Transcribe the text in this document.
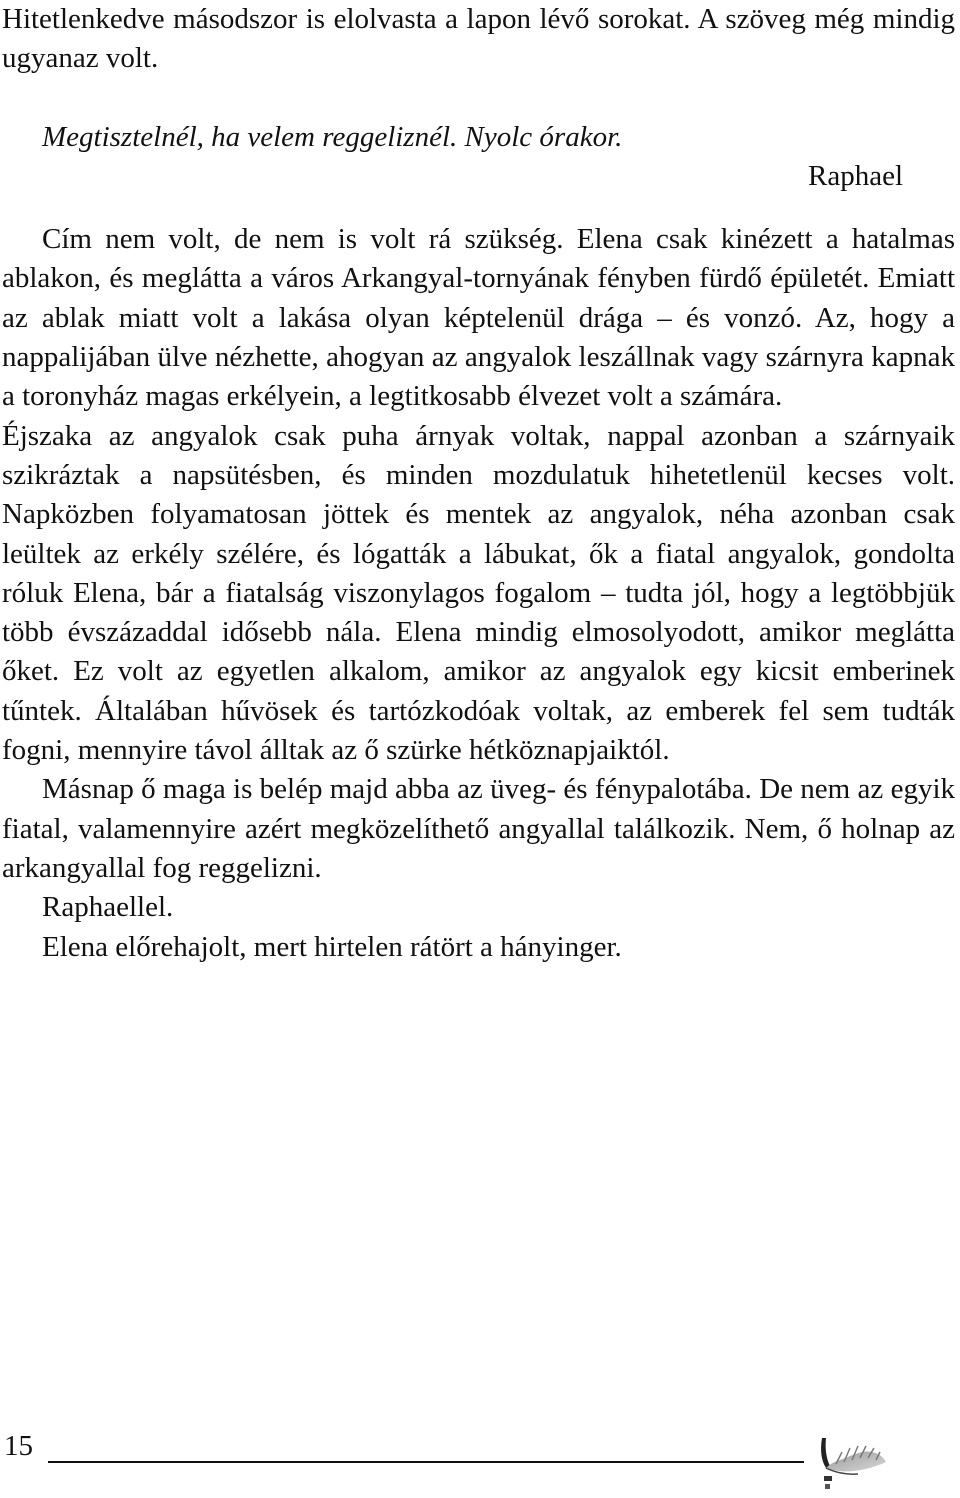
Hitetlenkedve másodszor is elolvasta a lapon lévő sorokat. A szöveg még mindig ugyanaz volt.

Megtisztelnél, ha velem reggeliznél. Nyolc órakor.

Raphael

Cím nem volt, de nem is volt rá szükség. Elena csak kinézett a hatalmas ablakon, és meglátta a város Arkangyal-tornyának fényben fürdő épületét. Emiatt az ablak miatt volt a lakása olyan képtelenül drága – és vonzó. Az, hogy a nappalijában ülve nézhette, ahogyan az angyalok leszállnak vagy szárnyra kapnak a toronyház magas erkélyein, a legtitkosabb élvezet volt a számára.

Éjszaka az angyalok csak puha árnyak voltak, nappal azonban a szárnyaik szikráztak a napsütésben, és minden mozdulatuk hihetetlenül kecses volt. Napközben folyamatosan jöttek és mentek az angyalok, néha azonban csak leültek az erkély szélére, és lógatták a lábukat, ők a fiatal angyalok, gondolta róluk Elena, bár a fiatalság viszonylagos fogalom – tudta jól, hogy a legtöbbjük több évszázaddal idősebb nála. Elena mindig elmosolyodott, amikor meglátta őket. Ez volt az egyetlen alkalom, amikor az angyalok egy kicsit emberinek tűntek. Általában hűvösek és tartózkodóak voltak, az emberek fel sem tudták fogni, mennyire távol álltak az ő szürke hétköznapjaiktól.

Másnap ő maga is belép majd abba az üveg- és fénypalotába. De nem az egyik fiatal, valamennyire azért megközelíthető angyallal találkozik. Nem, ő holnap az arkangyallal fog reggelizni.

Raphaellel.

Elena előrehajolt, mert hirtelen rátört a hányinger.

15
